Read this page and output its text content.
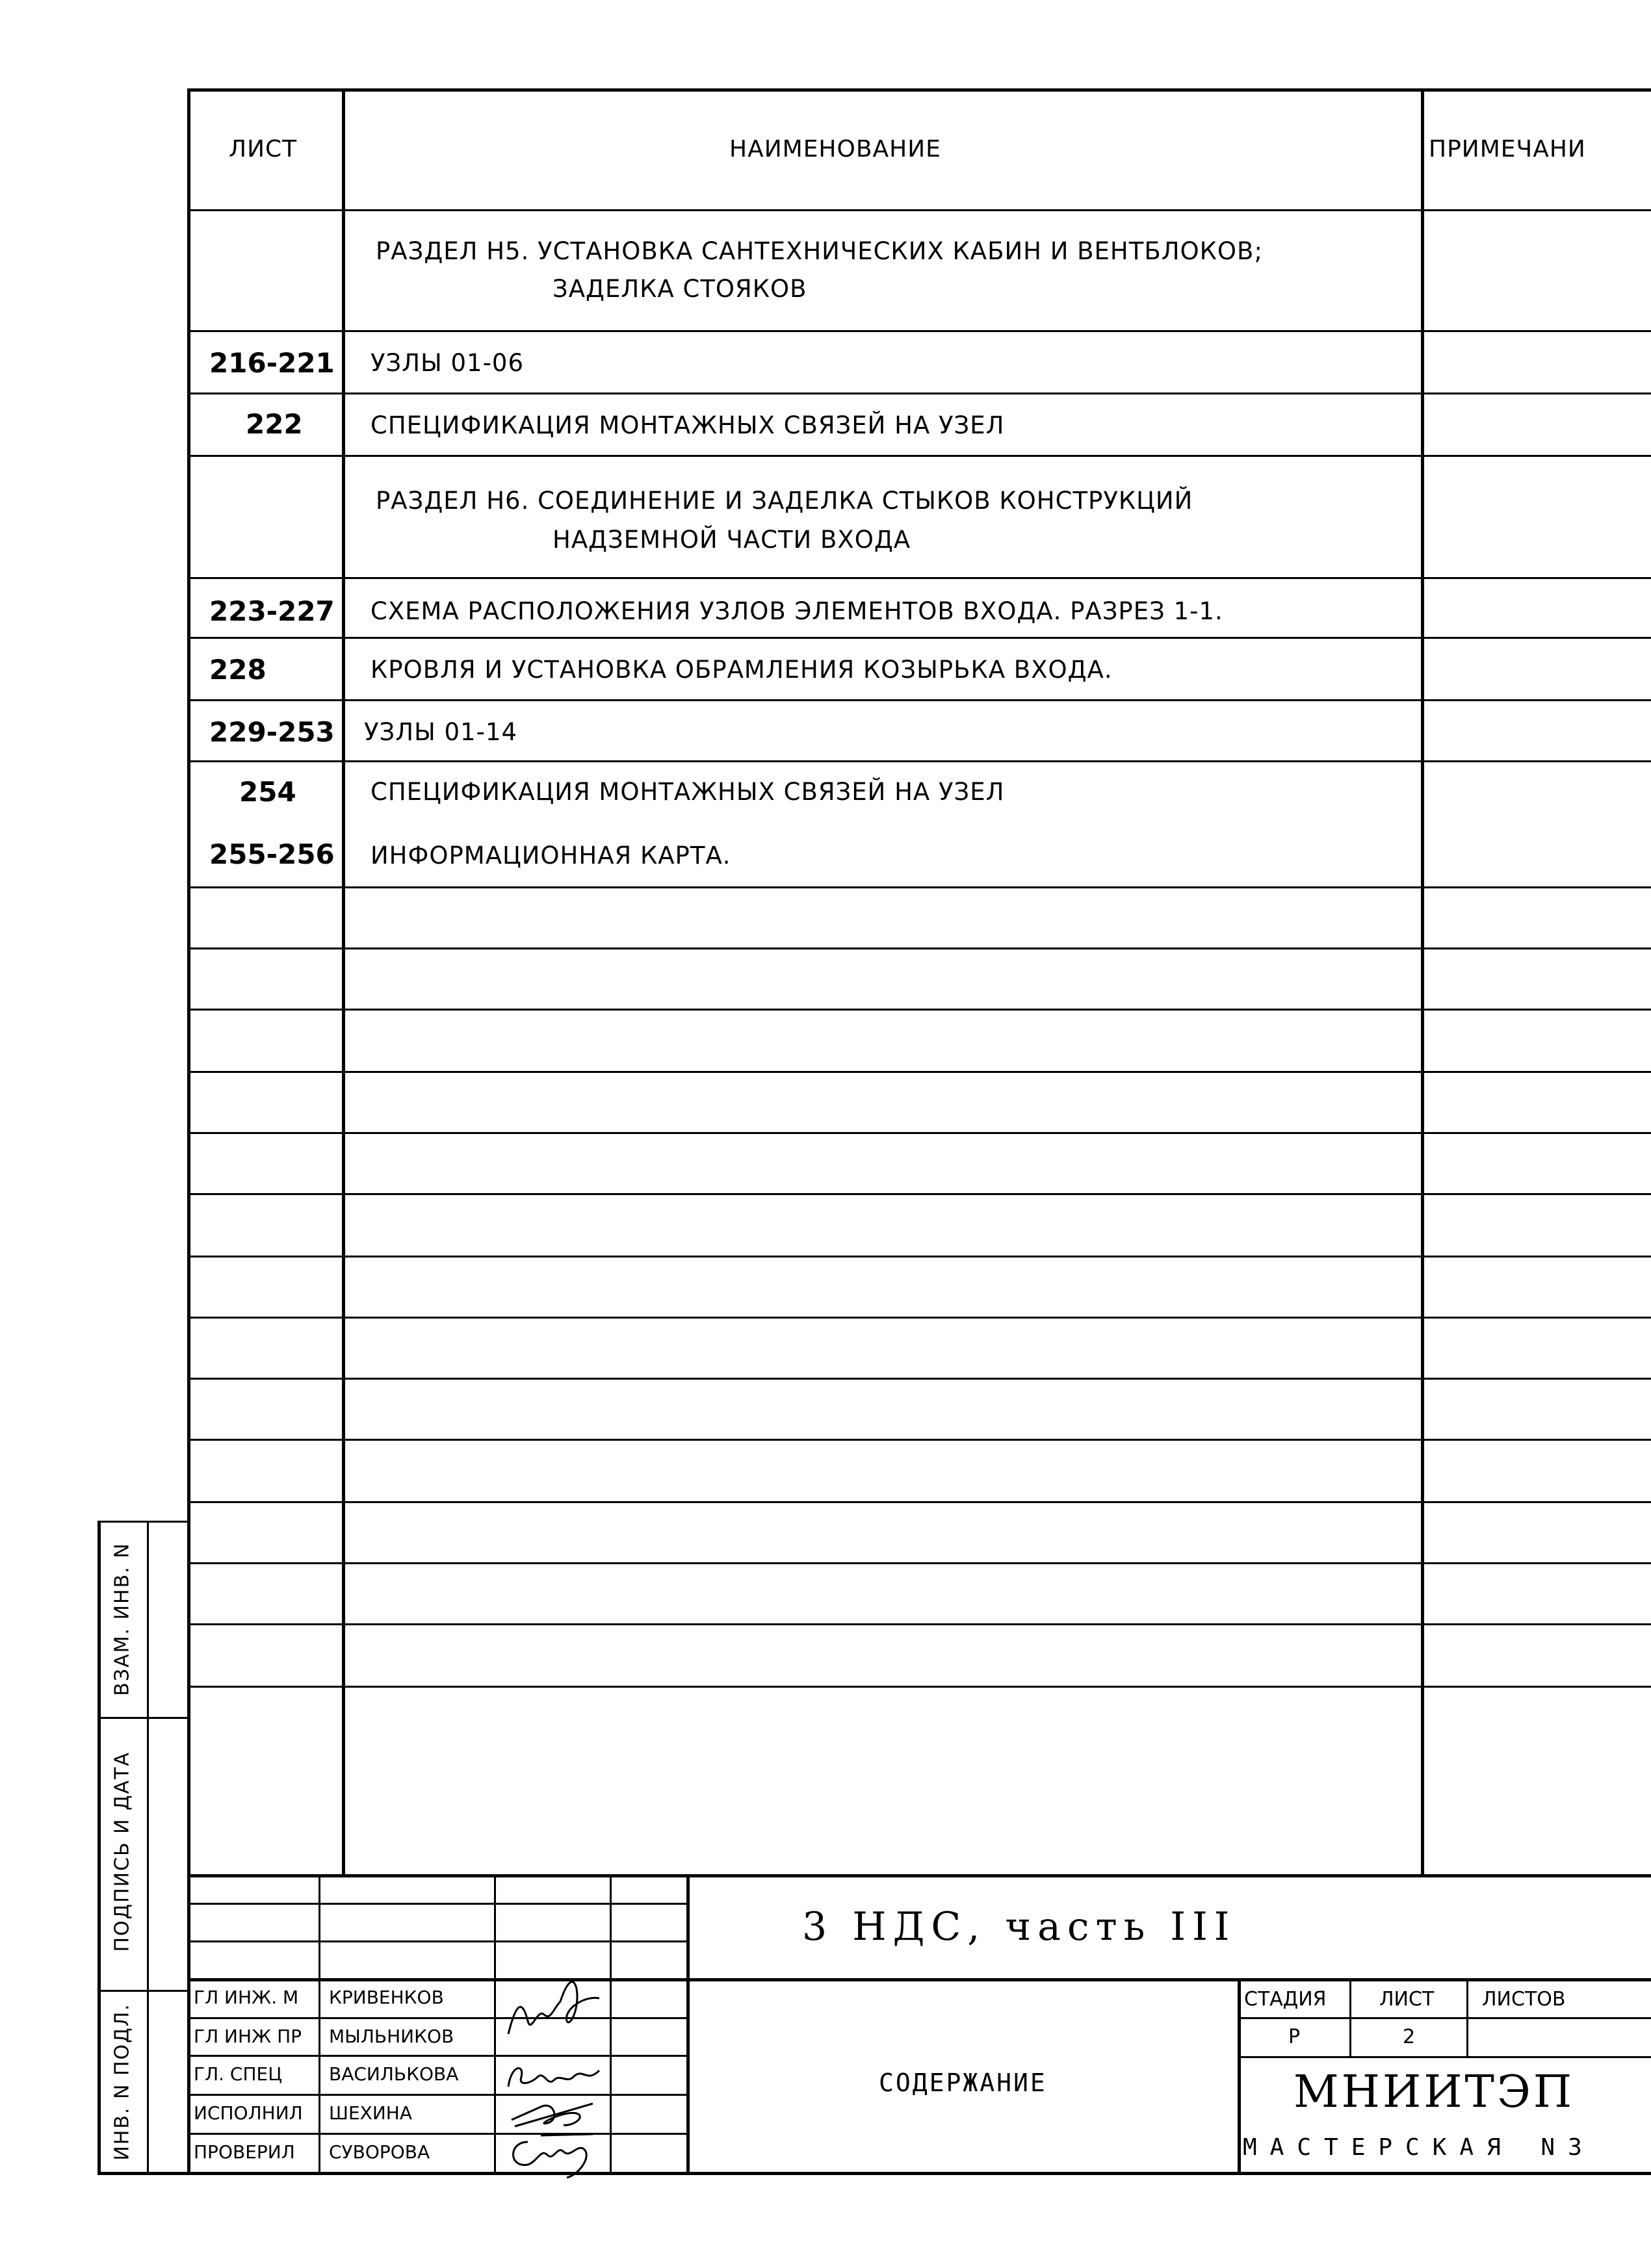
ЛИСТ	НАИМЕНОВАНИЕ	ПРИМЕЧАНИ
РАЗДЕЛ Н5. УСТАНОВКА САНТЕХНИЧЕСКИХ КАБИН И ВЕНТБЛОКОВ;
ЗАДЕЛКА СТОЯКОВ
216-221 УЗЛЫ 01-06
222	СПЕЦИФИКАЦИЯ МОНТАЖНЫХ СВЯЗЕЙ НА УЗЕЛ
РАЗДЕЛ Н6. СОЕДИНЕНИЕ И ЗАДЕЛКА СТЫКОВ КОНСТРУКЦИЙ
НАДЗЕМНОЙ ЧАСТИ ВХОДА
223-227 СХЕМА РАСПОЛОЖЕНИЯ УЗЛОВ ЭЛЕМЕНТОВ ВХОДА. РАЗРЕЗ 1-1.
228	КРОВЛЯ И УСТАНОВКА ОБРАМЛЕНИЯ КОЗЫРЬКА ВХОДА.
229-253 УЗЛЫ 01-14
254	СПЕЦИФИКАЦИЯ МОНТАЖНЫХ СВЯЗЕЙ НА УЗЕЛ
255-256 ИНФОРМАЦИОННАЯ КАРТА.
ВЗАМ. ИНВ. N
ПОДПИСЬ И ДАТА
ИНВ. N ПОДЛ.
3 НДС, часть III
СОДЕРЖАНИЕ
СТАДИЯ	ЛИСТ ЛИСТОВ
Р	2
МНИИТЭП
МАСТЕРСКАЯ N3
ГЛ ИНЖ. М КРИВЕНКОВ
ГЛ ИНЖ ПР МЫЛЬНИКОВ
ГЛ. СПЕЦ	ВАСИЛЬКОВА
ИСПОЛНИЛ ШЕХИНА
ПРОВЕРИЛ СУВОРОВА
